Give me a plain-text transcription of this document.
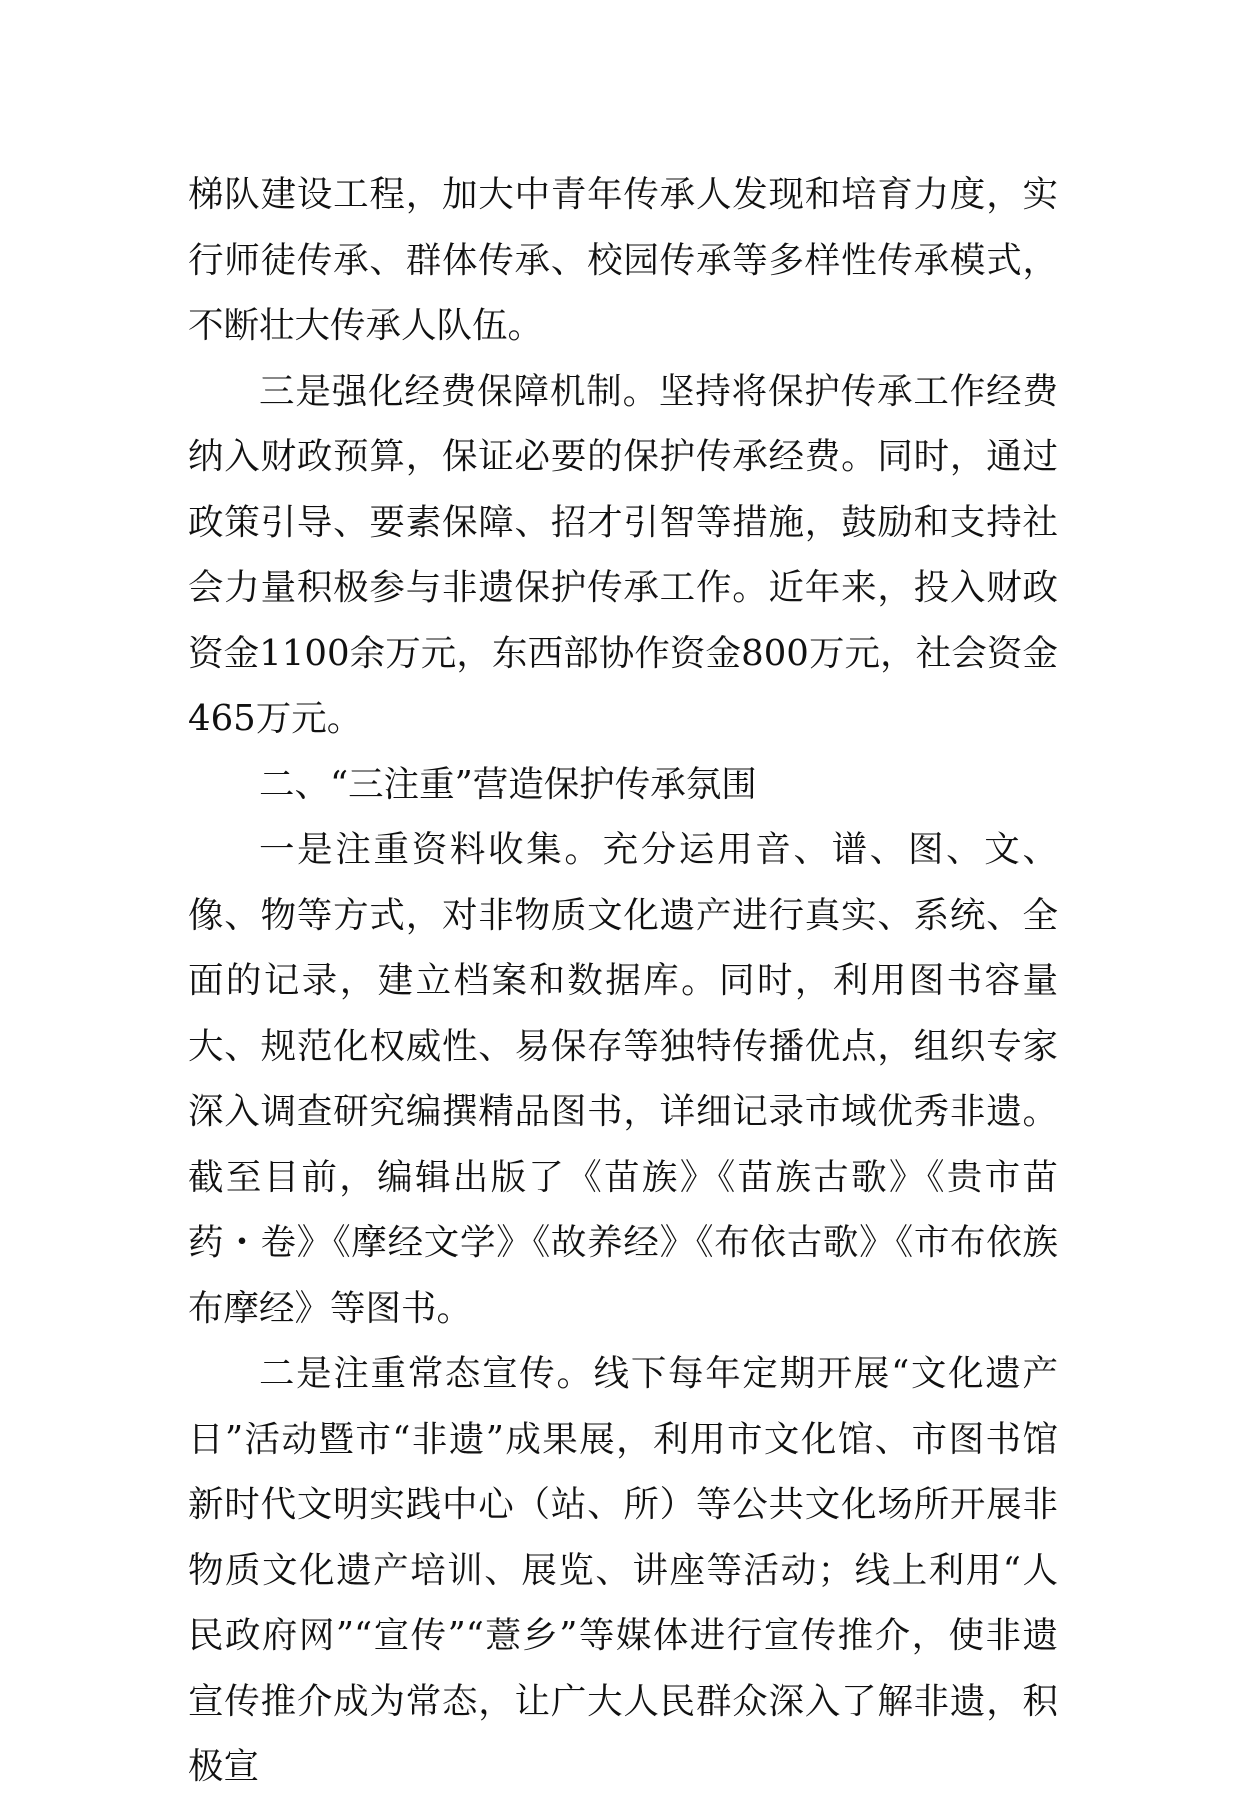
梯队建设工程，加大中青年传承人发现和培育力度，实行师徒传承、群体传承、校园传承等多样性传承模式，不断壮大传承人队伍。

三是强化经费保障机制。坚持将保护传承工作经费纳入财政预算，保证必要的保护传承经费。同时，通过政策引导、要素保障、招才引智等措施，鼓励和支持社会力量积极参与非遗保护传承工作。近年来，投入财政资金1100余万元，东西部协作资金800万元，社会资金465万元。

二、“三注重”营造保护传承氛围

一是注重资料收集。充分运用音、谱、图、文、像、物等方式，对非物质文化遗产进行真实、系统、全面的记录，建立档案和数据库。同时，利用图书容量大、规范化权威性、易保存等独特传播优点，组织专家深入调查研究编撰精品图书，详细记录市域优秀非遗。截至目前，编辑出版了《苗族》《苗族古歌》《贵市苗药・卷》《摩经文学》《故养经》《布依古歌》《市布依族布摩经》等图书。

二是注重常态宣传。线下每年定期开展“文化遗产日”活动暨市“非遗”成果展，利用市文化馆、市图书馆新时代文明实践中心（站、所）等公共文化场所开展非物质文化遗产培训、展览、讲座等活动；线上利用“人民政府网”“宣传”“薏乡”等媒体进行宣传推介，使非遗宣传推介成为常态，让广大人民群众深入了解非遗，积极宣
